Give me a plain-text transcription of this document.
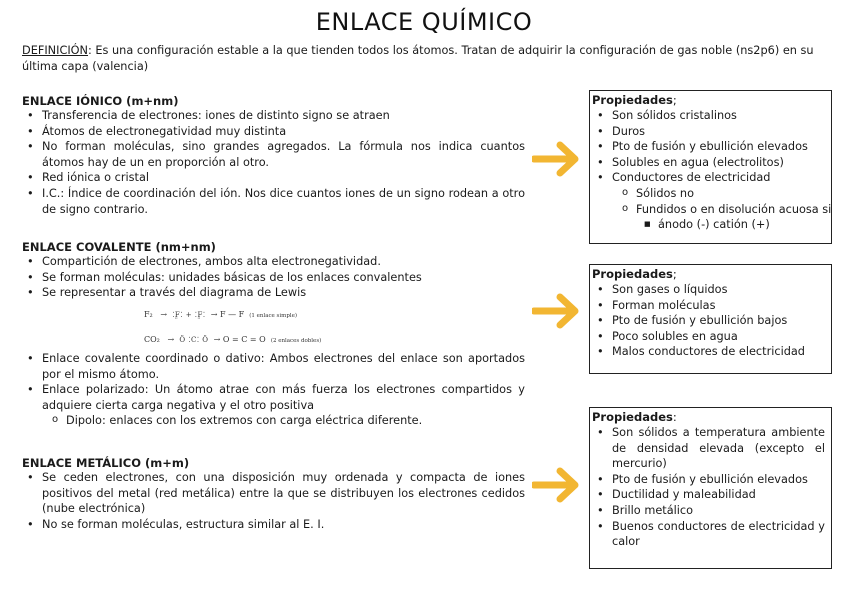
ENLACE QUÍMICO
DEFINICIÓN: Es una configuración estable a la que tienden todos los átomos. Tratan de adquirir la configuración de gas noble (ns2p6) en su última capa (valencia)
ENLACE IÓNICO (m+nm)
• Transferencia de electrones: iones de distinto signo se atraen
• Átomos de electronegatividad muy distinta
• No forman moléculas, sino grandes agregados. La fórmula nos indica cuantos átomos hay de un en proporción al otro.
• Red iónica o cristal
• I.C.: Índice de coordinación del ión. Nos dice cuantos iones de un signo rodean a otro de signo contrario.
ENLACE COVALENTE (nm+nm)
• Compartición de electrones, ambos alta electronegatividad.
• Se forman moléculas: unidades básicas de los enlaces convalentes
• Se representar a través del diagrama de Lewis
F₂   →  ⁚F̤⁚ + ⁚F̤⁚  → F — F (1 enlace simple)
CO₂   →  Ö ⁚C⁚ Ö  → O = C = O (2 enlaces dobles)
• Enlace covalente coordinado o dativo: Ambos electrones del enlace son aportados por el mismo átomo.
• Enlace polarizado: Un átomo atrae con más fuerza los electrones compartidos y adquiere cierta carga negativa y el otro positiva
o Dipolo: enlaces con los extremos con carga eléctrica diferente.
ENLACE METÁLICO (m+m)
• Se ceden electrones, con una disposición muy ordenada y compacta de iones positivos del metal (red metálica) entre la que se distribuyen los electrones cedidos (nube electrónica)
• No se forman moléculas, estructura similar al E. I.
Propiedades;
• Son sólidos cristalinos
• Duros
• Pto de fusión y ebullición elevados
• Solubles en agua (electrolitos)
• Conductores de electricidad
o Sólidos no
o Fundidos o en disolución acuosa si
■ ánodo (-) catión (+)
Propiedades;
• Son gases o líquidos
• Forman moléculas
• Pto de fusión y ebullición bajos
• Poco solubles en agua
• Malos conductores de electricidad
Propiedades:
• Son sólidos a temperatura ambiente de densidad elevada (excepto el mercurio)
• Pto de fusión y ebullición elevados
• Ductilidad y maleabilidad
• Brillo metálico
• Buenos conductores de electricidad y calor
